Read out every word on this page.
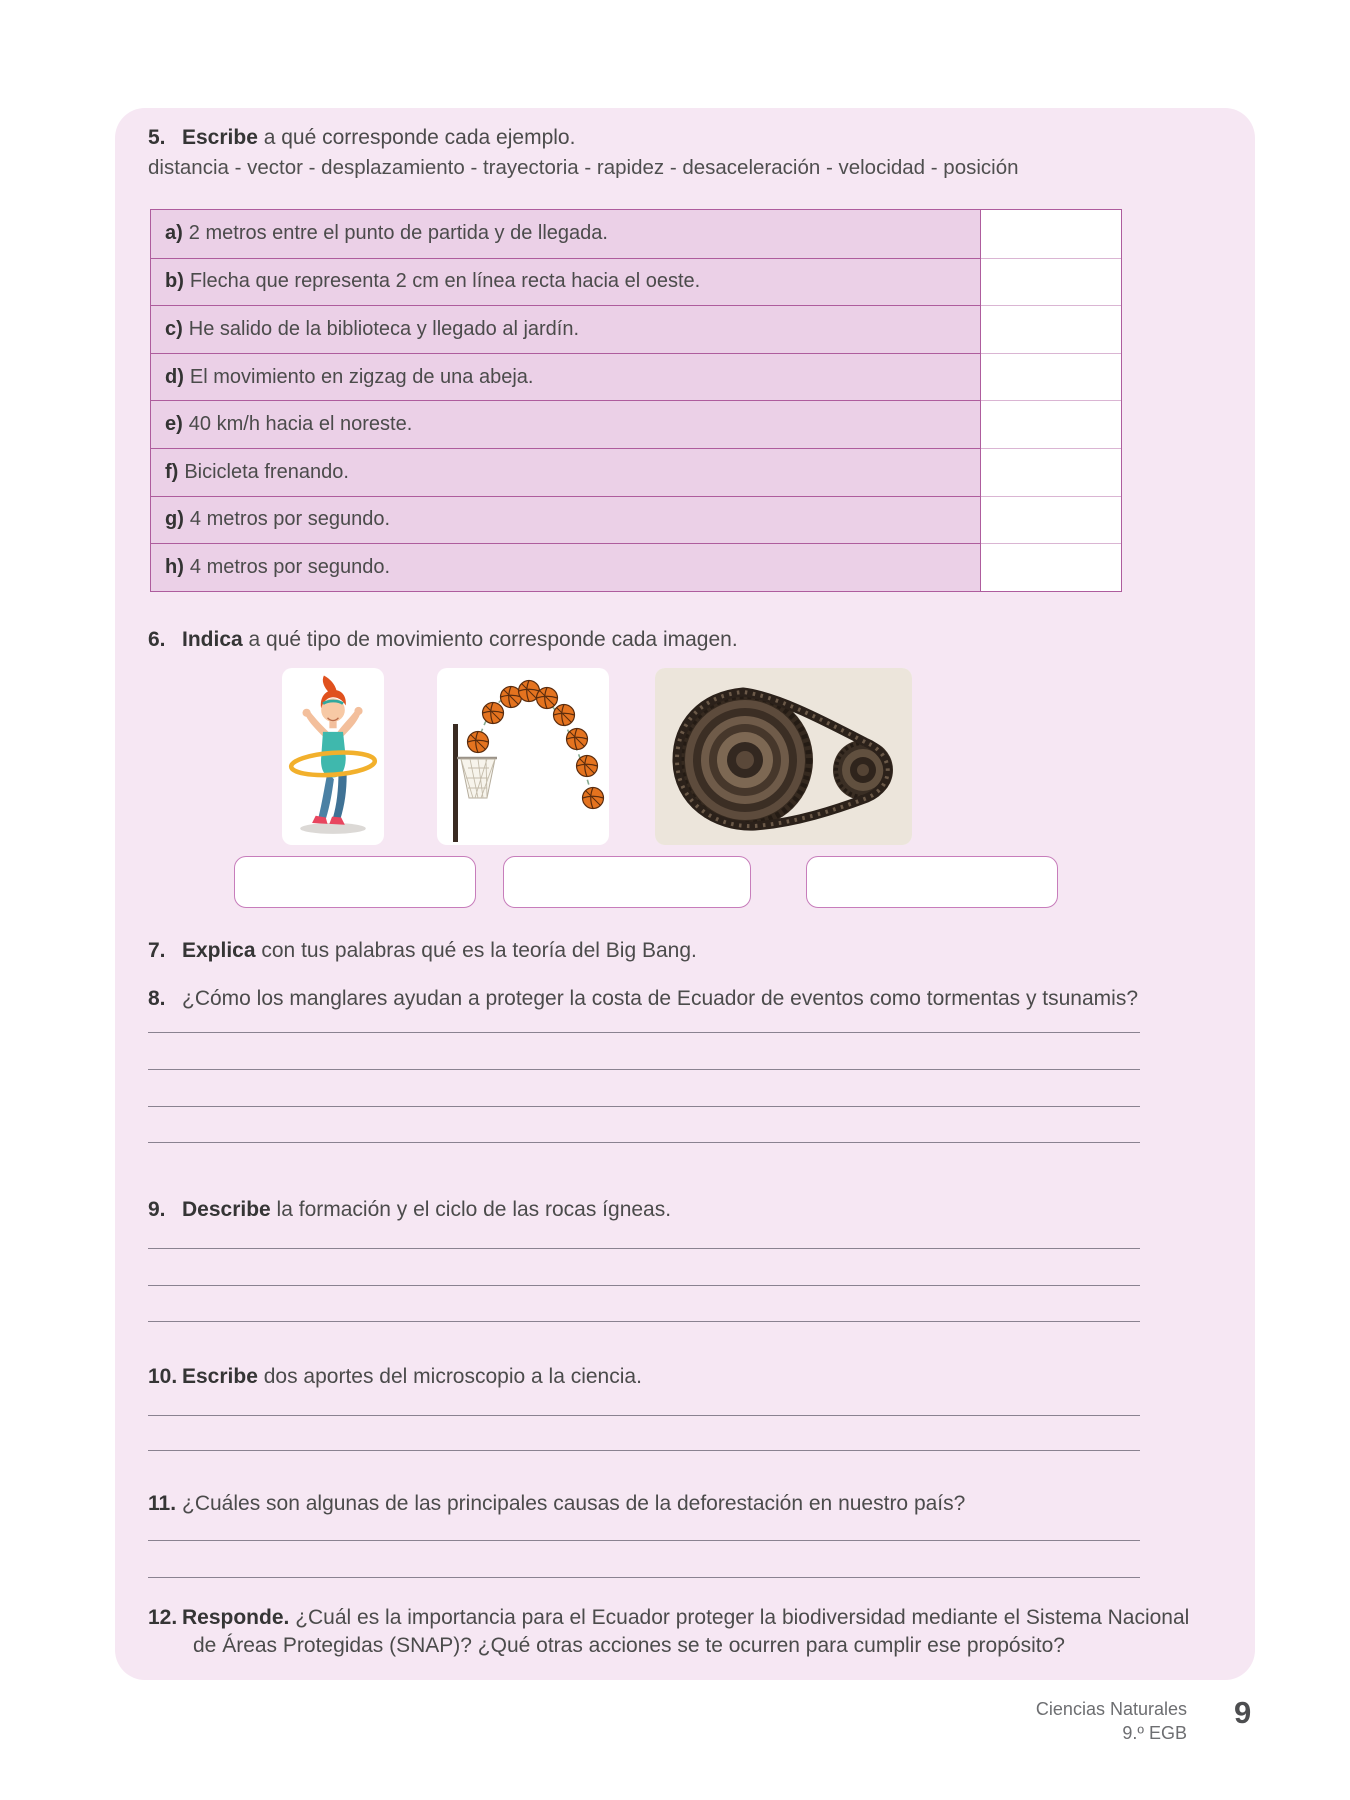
5. Escribe a qué corresponde cada ejemplo.
distancia - vector - desplazamiento - trayectoria - rapidez - desaceleración - velocidad - posición
a) 2 metros entre el punto de partida y de llegada.
b) Flecha que representa 2 cm en línea recta hacia el oeste.
c) He salido de la biblioteca y llegado al jardín.
d) El movimiento en zigzag de una abeja.
e) 40 km/h hacia el noreste.
f) Bicicleta frenando.
g) 4 metros por segundo.
h) 4 metros por segundo.
6. Indica a qué tipo de movimiento corresponde cada imagen.
7. Explica con tus palabras qué es la teoría del Big Bang.
8. ¿Cómo los manglares ayudan a proteger la costa de Ecuador de eventos como tormentas y tsunamis?
9. Describe la formación y el ciclo de las rocas ígneas.
10. Escribe dos aportes del microscopio a la ciencia.
11. ¿Cuáles son algunas de las principales causas de la deforestación en nuestro país?
12. Responde. ¿Cuál es la importancia para el Ecuador proteger la biodiversidad mediante el Sistema Nacional de Áreas Protegidas (SNAP)? ¿Qué otras acciones se te ocurren para cumplir ese propósito?
Ciencias Naturales
9.º EGB
9
